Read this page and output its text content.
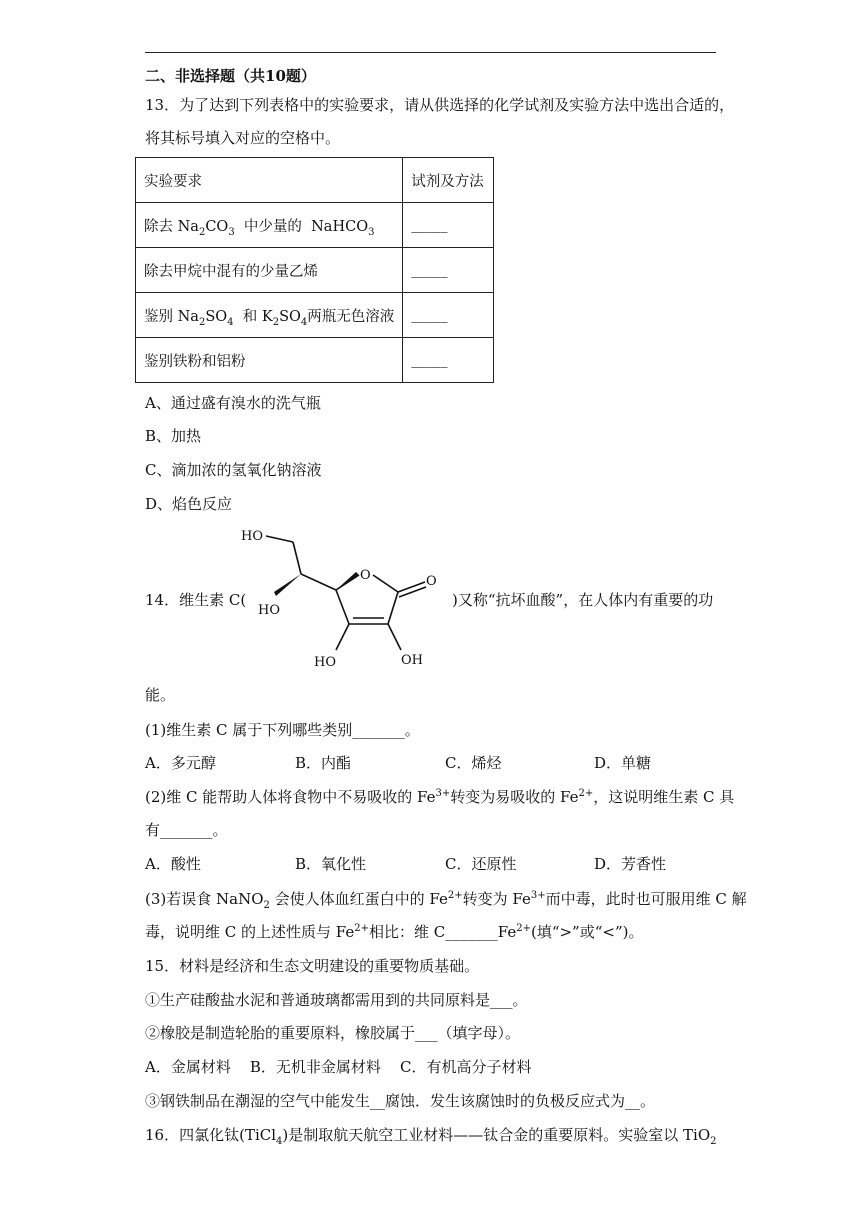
二、非选择题（共10题）
13．为了达到下列表格中的实验要求，请从供选择的化学试剂及实验方法中选出合适的，
将其标号填入对应的空格中。
实验要求	试剂及方法
除去 $Na_2CO_3$  中少量的  NaHCO$_3$	_____
除去甲烷中混有的少量乙烯	_____
鉴别 $Na_2SO_4$  和 $K_2SO_4$两瓶无色溶液	_____
鉴别铁粉和铝粉	_____
A、通过盛有溴水的洗气瓶
B、加热
C、滴加浓的氢氧化钠溶液
D、焰色反应
14．维生素 C(
HO
O	O
HO
HO	OH
)又称“抗坏血酸”，在人体内有重要的功
能。
(1)维生素 C 属于下列哪些类别_______。
A．多元醇	B．内酯	C．烯烃	D．单糖
(2)维 C 能帮助人体将食物中不易吸收的 $Fe^{3+}$转变为易吸收的 $Fe^{2+}$，这说明维生素 C 具
有_______。
A．酸性	B．氧化性	C．还原性	D．芳香性
(3)若误食 NaNO$_2$ 会使人体血红蛋白中的 $Fe^{2+}$转变为 $Fe^{3+}$而中毒，此时也可服用维 C 解
毒，说明维 C 的上述性质与 $Fe^{2+}$相比：维 $C\_\_\_\_\_\_\_Fe^{2+}$(填“>”或“<”)。
15．材料是经济和生态文明建设的重要物质基础。
①生产硅酸盐水泥和普通玻璃都需用到的共同原料是___。
②橡胶是制造轮胎的重要原料，橡胶属于___（填字母）。
A．金属材料    B．无机非金属材料    C．有机高分子材料
③钢铁制品在潮湿的空气中能发生__腐蚀．发生该腐蚀时的负极反应式为__。
16．四氯化钛(TiCl$_4$)是制取航天航空工业材料——钛合金的重要原料。实验室以 TiO$_2$
